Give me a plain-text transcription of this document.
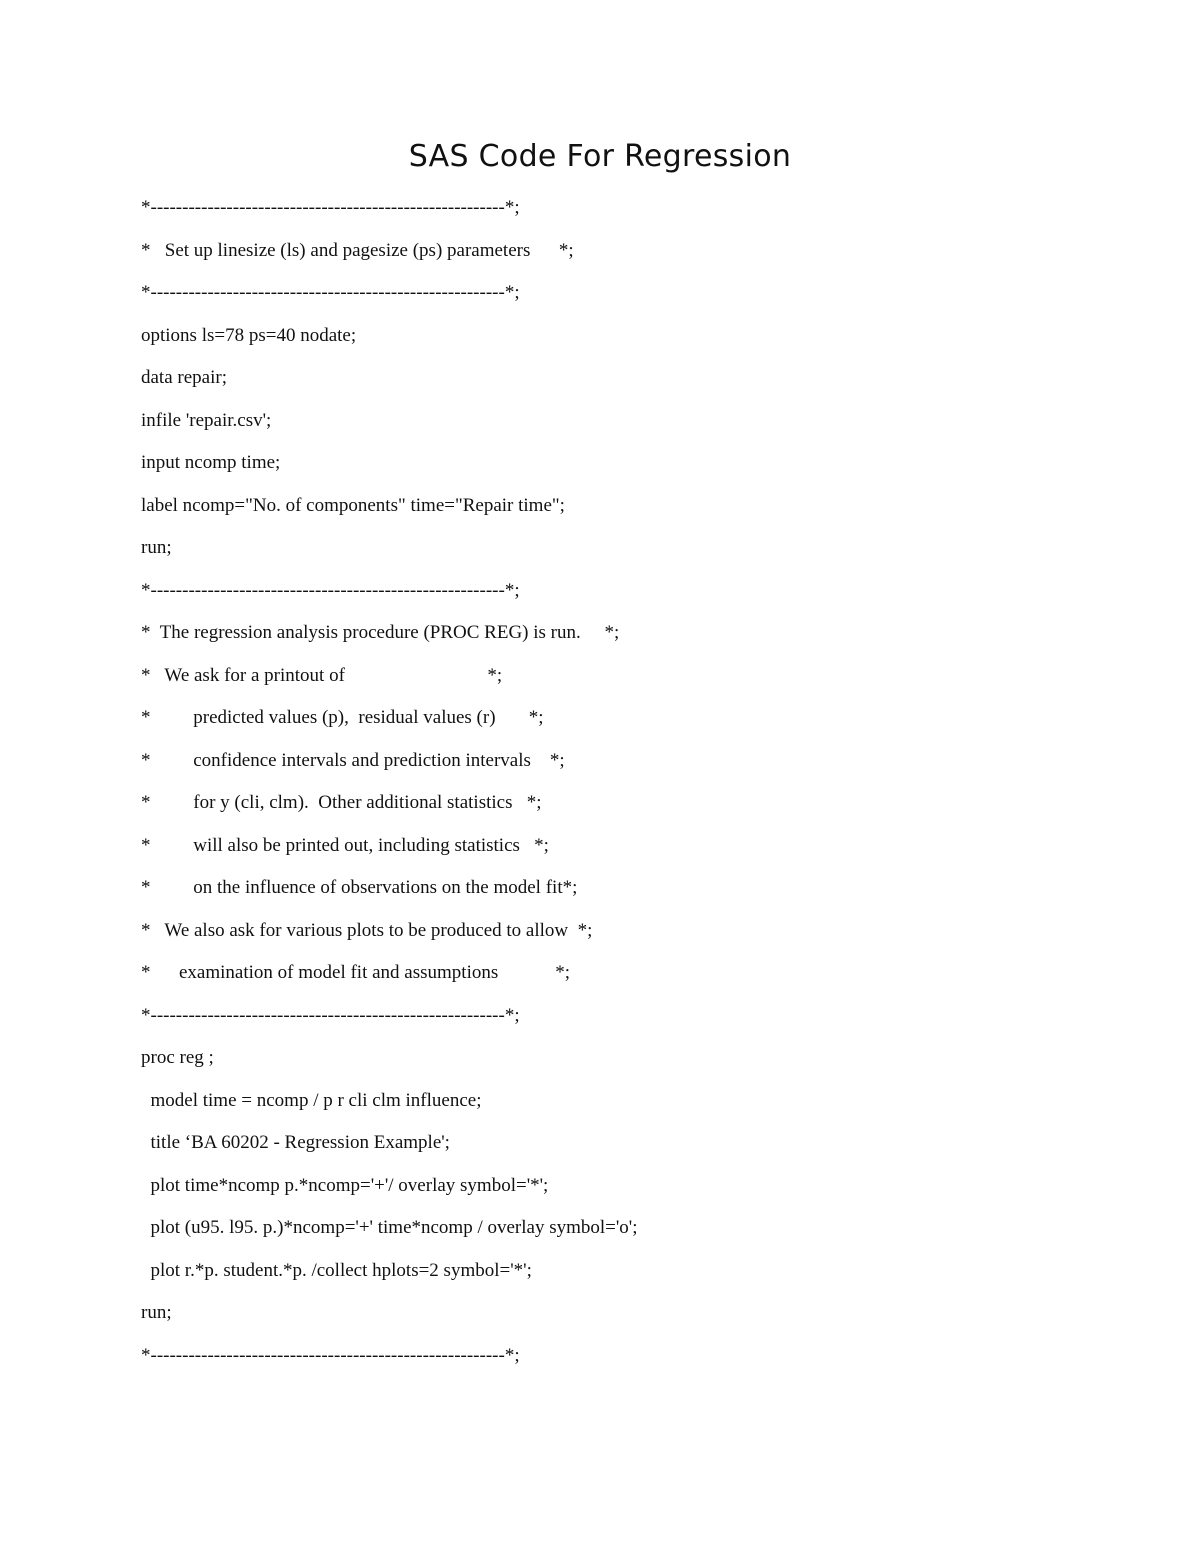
SAS Code For Regression
*--------------------------------------------------------*;
*   Set up linesize (ls) and pagesize (ps) parameters      *;
*--------------------------------------------------------*;
options ls=78 ps=40 nodate;
data repair;
infile 'repair.csv';
input ncomp time;
label ncomp="No. of components" time="Repair time";
run;
*--------------------------------------------------------*;
*  The regression analysis procedure (PROC REG) is run.     *;
*   We ask for a printout of                              *;
*         predicted values (p),  residual values (r)       *;
*         confidence intervals and prediction intervals    *;
*         for y (cli, clm).  Other additional statistics   *;
*         will also be printed out, including statistics   *;
*         on the influence of observations on the model fit*;
*   We also ask for various plots to be produced to allow  *;
*      examination of model fit and assumptions            *;
*--------------------------------------------------------*;
proc reg ;
model time = ncomp / p r cli clm influence;
title ‘BA 60202 - Regression Example';
plot time*ncomp p.*ncomp='+'/ overlay symbol='*';
plot (u95. l95. p.)*ncomp='+' time*ncomp / overlay symbol='o';
plot r.*p. student.*p. /collect hplots=2 symbol='*';
run;
*--------------------------------------------------------*;
